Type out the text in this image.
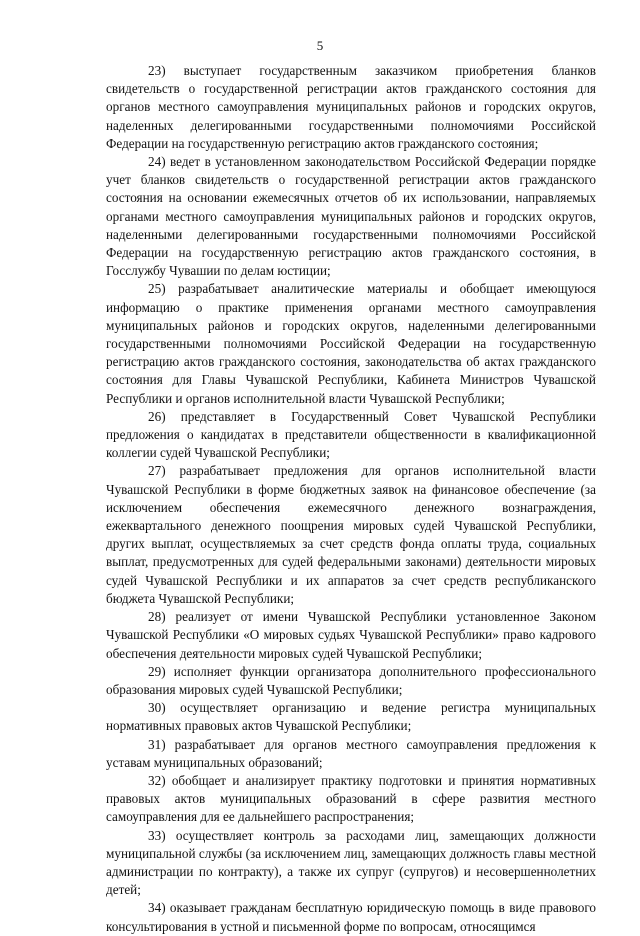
5

23) выступает государственным заказчиком приобретения бланков свидетельств о государственной регистрации актов гражданского состояния для органов местного самоуправления муниципальных районов и городских округов, наделенных делегированными государственными полномочиями Российской Федерации на государственную регистрацию актов гражданского состояния;

24) ведет в установленном законодательством Российской Федерации порядке учет бланков свидетельств о государственной регистрации актов гражданского состояния на основании ежемесячных отчетов об их использовании, направляемых органами местного самоуправления муниципальных районов и городских округов, наделенными делегированными государственными полномочиями Российской Федерации на государственную регистрацию актов гражданского состояния, в Госслужбу Чувашии по делам юстиции;

25) разрабатывает аналитические материалы и обобщает имеющуюся информацию о практике применения органами местного самоуправления муниципальных районов и городских округов, наделенными делегированными государственными полномочиями Российской Федерации на государственную регистрацию актов гражданского состояния, законодательства об актах гражданского состояния для Главы Чувашской Республики, Кабинета Министров Чувашской Республики и органов исполнительной власти Чувашской Республики;

26) представляет в Государственный Совет Чувашской Республики предложения о кандидатах в представители общественности в квалификационной коллегии судей Чувашской Республики;

27) разрабатывает предложения для органов исполнительной власти Чувашской Республики в форме бюджетных заявок на финансовое обеспечение (за исключением обеспечения ежемесячного денежного вознаграждения, ежеквартального денежного поощрения мировых судей Чувашской Республики, других выплат, осуществляемых за счет средств фонда оплаты труда, социальных выплат, предусмотренных для судей федеральными законами) деятельности мировых судей Чувашской Республики и их аппаратов за счет средств республиканского бюджета Чувашской Республики;

28) реализует от имени Чувашской Республики установленное Законом Чувашской Республики «О мировых судьях Чувашской Республики» право кадрового обеспечения деятельности мировых судей Чувашской Республики;

29) исполняет функции организатора дополнительного профессионального образования мировых судей Чувашской Республики;

30) осуществляет организацию и ведение регистра муниципальных нормативных правовых актов Чувашской Республики;

31) разрабатывает для органов местного самоуправления предложения к уставам муниципальных образований;

32) обобщает и анализирует практику подготовки и принятия нормативных правовых актов муниципальных образований в сфере развития местного самоуправления для ее дальнейшего распространения;

33) осуществляет контроль за расходами лиц, замещающих должности муниципальной службы (за исключением лиц, замещающих должность главы местной администрации по контракту), а также их супруг (супругов) и несовершеннолетних детей;

34) оказывает гражданам бесплатную юридическую помощь в виде правового консультирования в устной и письменной форме по вопросам, относящимся
